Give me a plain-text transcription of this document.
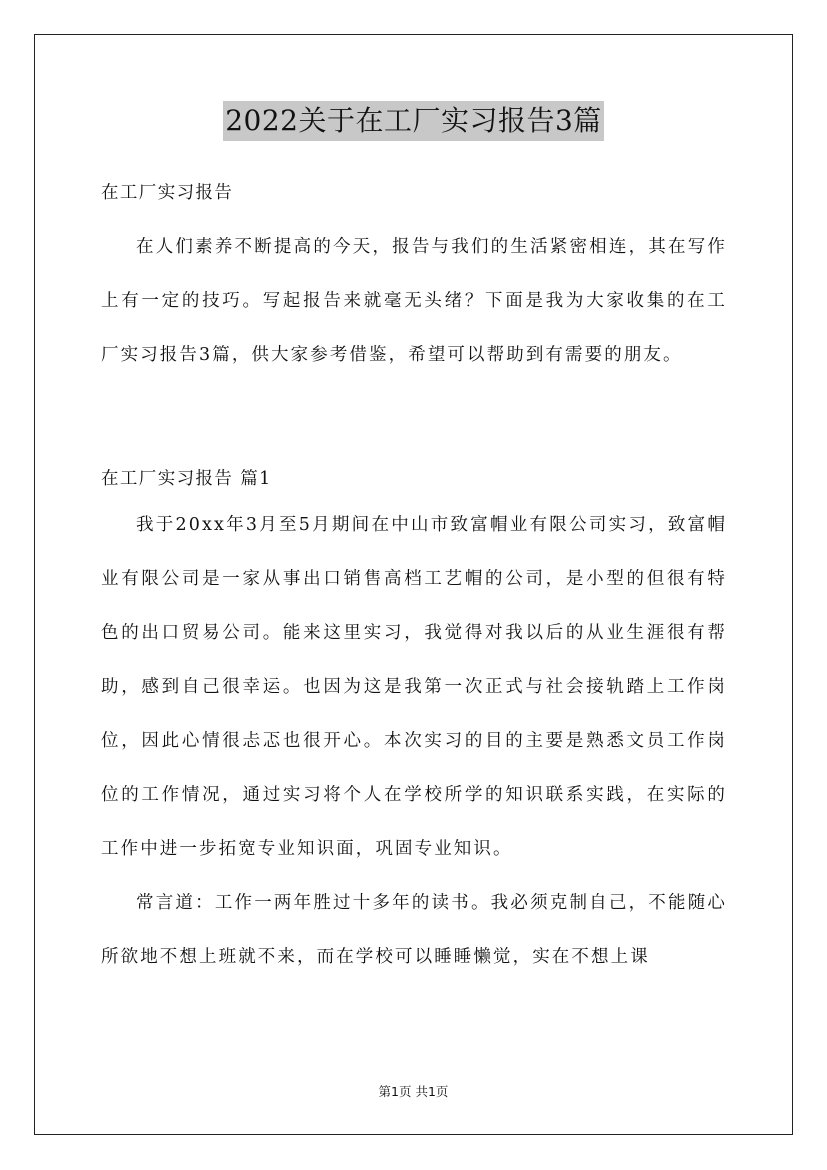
2022关于在工厂实习报告3篇
在工厂实习报告

在人们素养不断提高的今天，报告与我们的生活紧密相连，其在写作上有一定的技巧。写起报告来就毫无头绪？下面是我为大家收集的在工厂实习报告3篇，供大家参考借鉴，希望可以帮助到有需要的朋友。

在工厂实习报告 篇1

我于20xx年3月至5月期间在中山市致富帽业有限公司实习，致富帽业有限公司是一家从事出口销售高档工艺帽的公司，是小型的但很有特色的出口贸易公司。能来这里实习，我觉得对我以后的从业生涯很有帮助，感到自己很幸运。也因为这是我第一次正式与社会接轨踏上工作岗位，因此心情很忐忑也很开心。本次实习的目的主要是熟悉文员工作岗位的工作情况，通过实习将个人在学校所学的知识联系实践，在实际的工作中进一步拓宽专业知识面，巩固专业知识。

常言道：工作一两年胜过十多年的读书。我必须克制自己，不能随心所欲地不想上班就不来，而在学校可以睡睡懒觉，实在不想上课

第1页 共1页
